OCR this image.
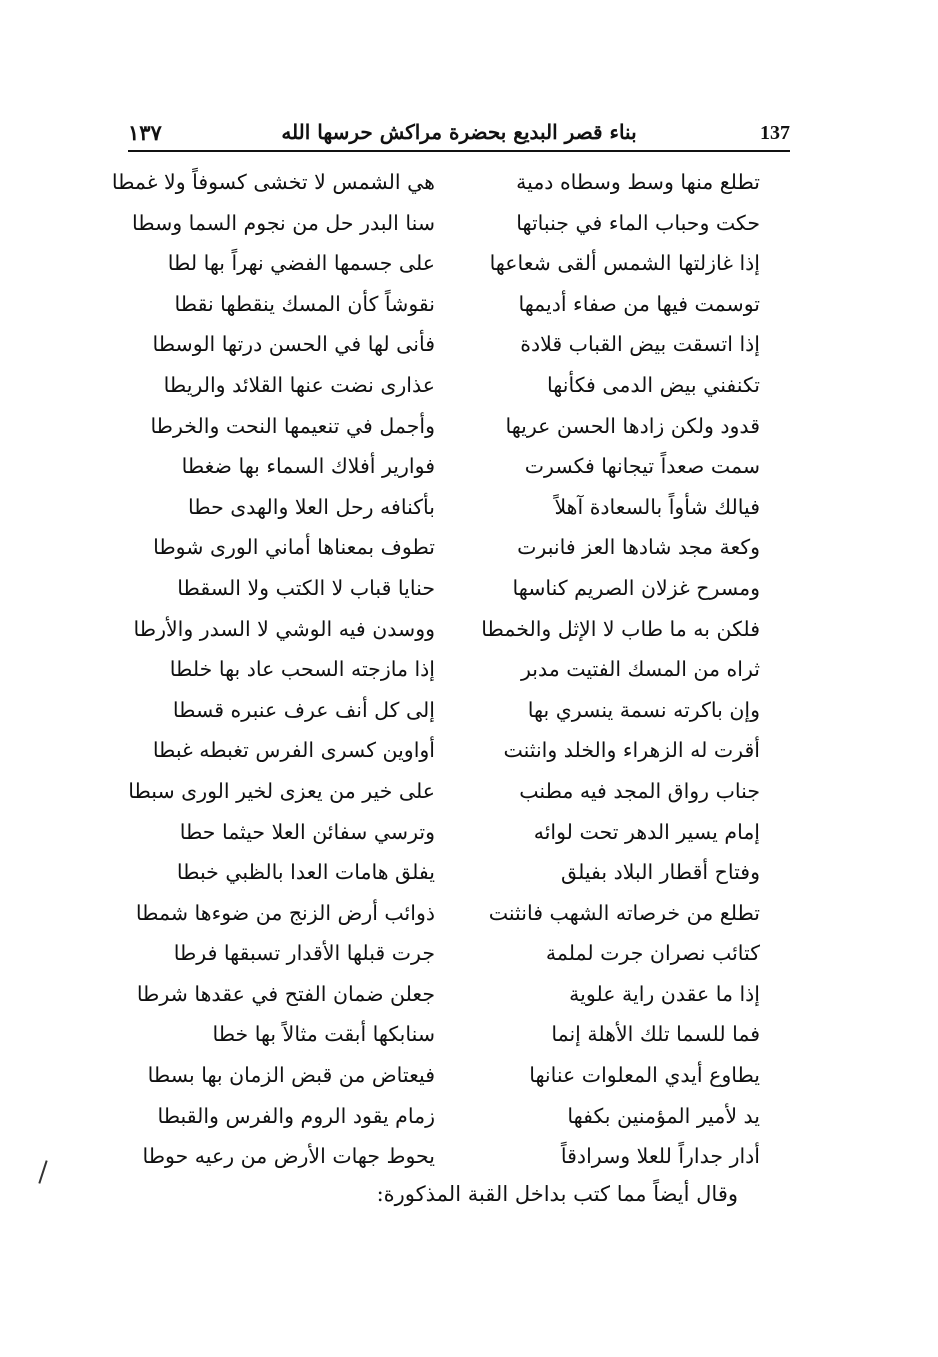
١٣٧	بناء قصر البديع بحضرة مراكش حرسها الله	137
تطلع منها وسط وسطاه دمية
هي الشمس لا تخشى كسوفاً ولا غمطا
حكت وحباب الماء في جنباتها
سنا البدر حل من نجوم السما وسطا
إذا غازلتها الشمس ألقى شعاعها
على جسمها الفضي نهراً بها لطا
توسمت فيها من صفاء أديمها
نقوشاً كأن المسك ينقطها نقطا
إذا اتسقت بيض القباب قلادة
فأنى لها في الحسن درتها الوسطا
تكنفني بيض الدمى فكأنها
عذارى نضت عنها القلائد والريطا
قدود ولكن زادها الحسن عريها
وأجمل في تنعيمها النحت والخرطا
سمت صعداً تيجانها فكسرت
فوارير أفلاك السماء بها ضغطا
فيالك شأواً بالسعادة آهلاً
بأكنافه رحل العلا والهدى حطا
وكعة مجد شادها العز فانبرت
تطوف بمعناها أماني الورى شوطا
ومسرح غزلان الصريم كناسها
حنايا قباب لا الكتب ولا السقطا
فلكن به ما طاب لا الإثل والخمطا
ووسدن فيه الوشي لا السدر والأرطا
ثراه من المسك الفتيت مدبر
إذا مازجته السحب عاد بها خلطا
وإن باكرته نسمة ينسري بها
إلى كل أنف عرف عنبره قسطا
أقرت له الزهراء والخلد وانثنت
أواوين كسرى الفرس تغبطه غبطا
جناب رواق المجد فيه مطنب
على خير من يعزى لخير الورى سبطا
إمام يسير الدهر تحت لوائه
وترسي سفائن العلا حيثما حطا
وفتاح أقطار البلاد بفيلق
يفلق هامات العدا بالظبي خبطا
تطلع من خرصاته الشهب فانثنت
ذوائب أرض الزنج من ضوءها شمطا
كتائب نصران جرت لملمة
جرت قبلها الأقدار تسبقها فرطا
إذا ما عقدن راية علوية
جعلن ضمان الفتح في عقدها شرطا
فما للسما تلك الأهلة إنما
سنابكها أبقت مثالاً بها خطا
يطاوع أيدي المعلوات عنانها
فيعتاض من قبض الزمان بها بسطا
يد لأمير المؤمنين بكفها
زمام يقود الروم والفرس والقبطا
أدار جداراً للعلا وسرادقاً
يحوط جهات الأرض من رعيه حوطا
وقال أيضاً مما كتب بداخل القبة المذكورة:
